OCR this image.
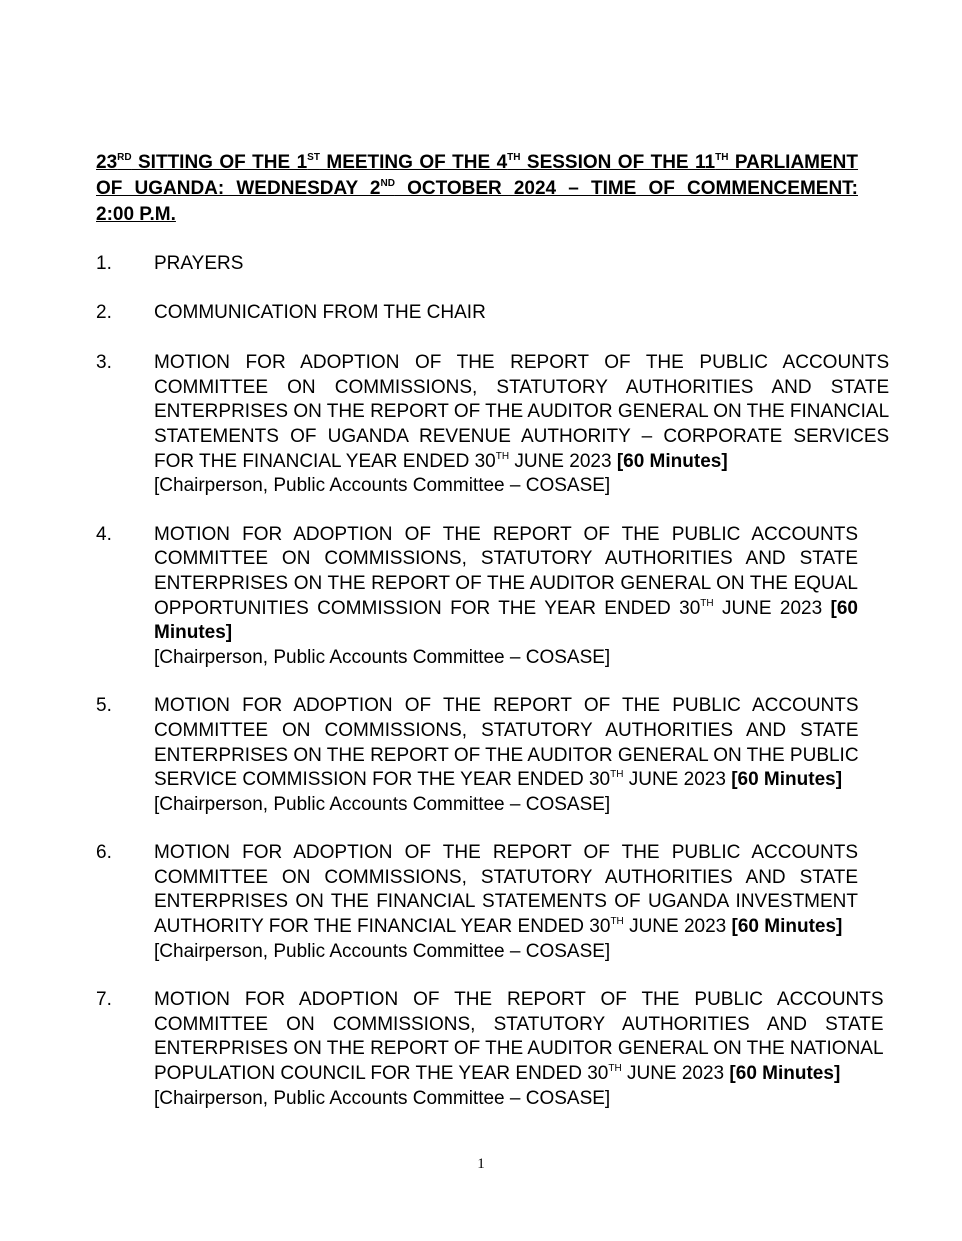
23RD SITTING OF THE 1ST MEETING OF THE 4TH SESSION OF THE 11TH PARLIAMENT
OF UGANDA: WEDNESDAY 2ND OCTOBER 2024 – TIME OF COMMENCEMENT:
2:00 P.M.
1.	PRAYERS
2.	COMMUNICATION FROM THE CHAIR
3.	MOTION FOR ADOPTION OF THE REPORT OF THE PUBLIC ACCOUNTS
COMMITTEE ON COMMISSIONS, STATUTORY AUTHORITIES AND STATE
ENTERPRISES ON THE REPORT OF THE AUDITOR GENERAL ON THE FINANCIAL
STATEMENTS OF UGANDA REVENUE AUTHORITY – CORPORATE SERVICES
FOR THE FINANCIAL YEAR ENDED 30TH JUNE 2023 [60 Minutes]
[Chairperson, Public Accounts Committee – COSASE]
4.	MOTION FOR ADOPTION OF THE REPORT OF THE PUBLIC ACCOUNTS
COMMITTEE ON COMMISSIONS, STATUTORY AUTHORITIES AND STATE
ENTERPRISES ON THE REPORT OF THE AUDITOR GENERAL ON THE EQUAL
OPPORTUNITIES COMMISSION FOR THE YEAR ENDED 30TH JUNE 2023 [60
Minutes]
[Chairperson, Public Accounts Committee – COSASE]
5.	MOTION FOR ADOPTION OF THE REPORT OF THE PUBLIC ACCOUNTS
COMMITTEE ON COMMISSIONS, STATUTORY AUTHORITIES AND STATE
ENTERPRISES ON THE REPORT OF THE AUDITOR GENERAL ON THE PUBLIC
SERVICE COMMISSION FOR THE YEAR ENDED 30TH JUNE 2023 [60 Minutes]
[Chairperson, Public Accounts Committee – COSASE]
6.	MOTION FOR ADOPTION OF THE REPORT OF THE PUBLIC ACCOUNTS
COMMITTEE ON COMMISSIONS, STATUTORY AUTHORITIES AND STATE
ENTERPRISES ON THE FINANCIAL STATEMENTS OF UGANDA INVESTMENT
AUTHORITY FOR THE FINANCIAL YEAR ENDED 30TH JUNE 2023 [60 Minutes]
[Chairperson, Public Accounts Committee – COSASE]
7.	MOTION FOR ADOPTION OF THE REPORT OF THE PUBLIC ACCOUNTS
COMMITTEE ON COMMISSIONS, STATUTORY AUTHORITIES AND STATE
ENTERPRISES ON THE REPORT OF THE AUDITOR GENERAL ON THE NATIONAL
POPULATION COUNCIL FOR THE YEAR ENDED 30TH JUNE 2023 [60 Minutes]
[Chairperson, Public Accounts Committee – COSASE]
1
